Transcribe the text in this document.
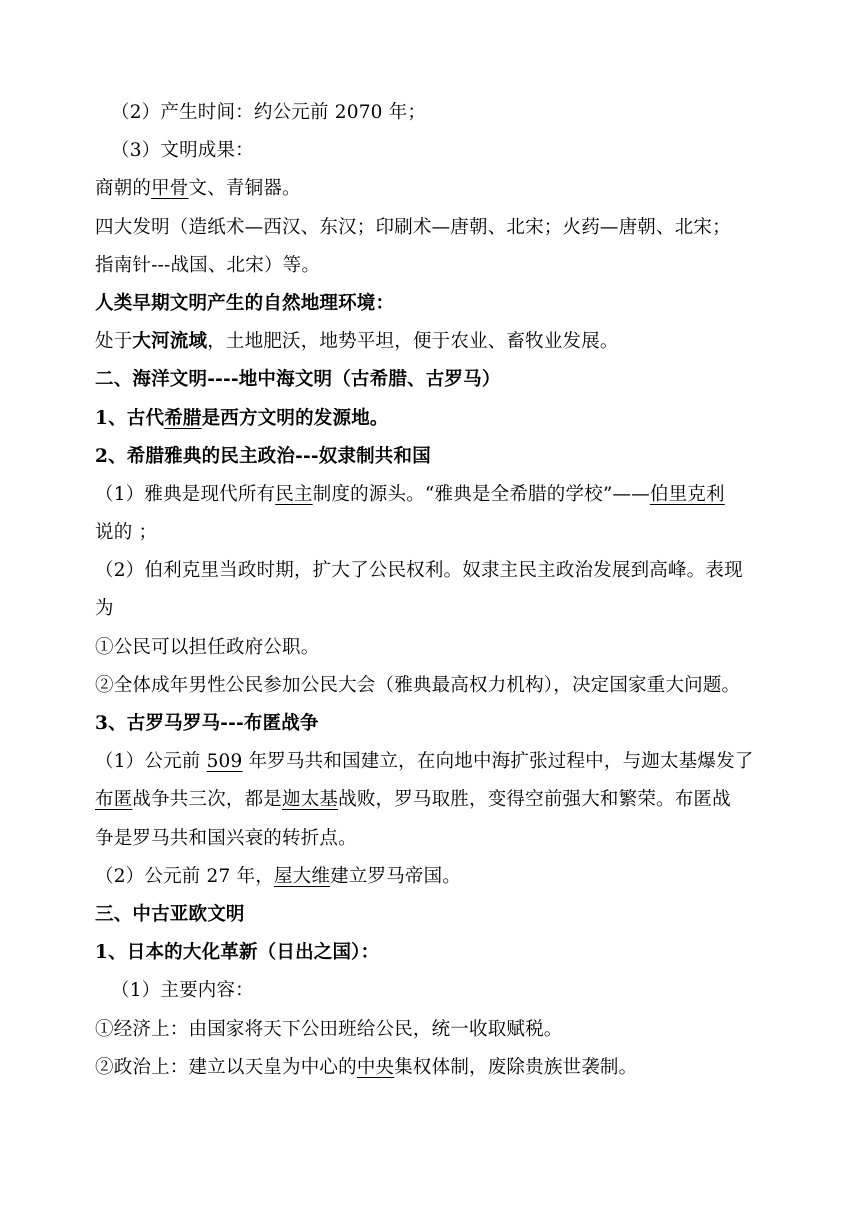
（2）产生时间：约公元前 2070 年；
（3）文明成果：
商朝的甲骨文、青铜器。
四大发明（造纸术—西汉、东汉；印刷术—唐朝、北宋；火药—唐朝、北宋；
指南针---战国、北宋）等。
人类早期文明产生的自然地理环境：
处于大河流域，土地肥沃，地势平坦，便于农业、畜牧业发展。
二、海洋文明----地中海文明（古希腊、古罗马）
1、古代希腊是西方文明的发源地。
2、希腊雅典的民主政治---奴隶制共和国
（1）雅典是现代所有民主制度的源头。“雅典是全希腊的学校”——伯里克利
说的 ；
（2）伯利克里当政时期，扩大了公民权利。奴隶主民主政治发展到高峰。表现
为
①公民可以担任政府公职。
②全体成年男性公民参加公民大会（雅典最高权力机构），决定国家重大问题。
3、古罗马罗马---布匿战争
（1）公元前 509 年罗马共和国建立，在向地中海扩张过程中，与迦太基爆发了
布匿战争共三次，都是迦太基战败，罗马取胜，变得空前强大和繁荣。布匿战
争是罗马共和国兴衰的转折点。
（2）公元前 27 年，屋大维建立罗马帝国。
三、中古亚欧文明
1、日本的大化革新（日出之国）：
（1）主要内容：
①经济上：由国家将天下公田班给公民，统一收取赋税。
②政治上：建立以天皇为中心的中央集权体制，废除贵族世袭制。
